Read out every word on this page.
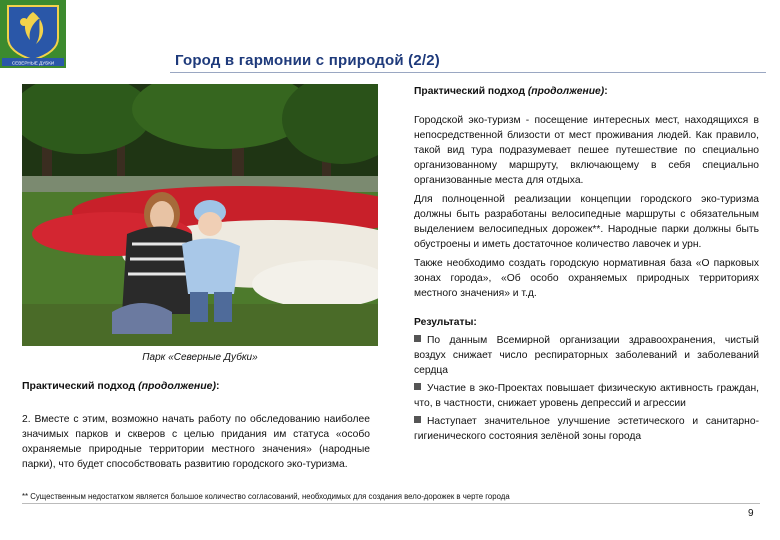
СЕВЕРНЫЕ ДУБКИ	Город в гармонии с природой (2/2)
Парк «Северные Дубки»
Практический подход (продолжение):
2. Вместе с этим, возможно начать работу по обследованию наиболее значимых парков и скверов с целью придания им статуса «особо охраняемые природные территории местного значения» (народные парки), что будет способствовать развитию городского эко-туризма.
Практический подход (продолжение):

Городской эко-туризм - посещение интересных мест, находящихся в непосредственной близости от мест проживания людей. Как правило, такой вид тура подразумевает пешее путешествие по специально организованному маршруту, включающему в себя специально организованные места для отдыха.

Для полноценной реализации концепции городского эко-туризма должны быть разработаны велосипедные маршруты с обязательным выделением велосипедных дорожек**. Народные парки должны быть обустроены и иметь достаточное количество лавочек и урн.

Также необходимо создать городскую нормативная база «О парковых зонах города», «Об особо охраняемых природных территориях местного значения» и т.д.

Результаты:
По данным Всемирной организации здравоохранения, чистый воздух снижает число респираторных заболеваний и заболеваний сердца
Участие в эко-Проектах повышает физическую активность граждан, что, в частности, снижает уровень депрессий и агрессии
Наступает значительное улучшение эстетического и санитарно-гигиенического состояния зелёной зоны города
** Существенным недостатком является большое количество согласований, необходимых для создания вело-дорожек в черте города
9
